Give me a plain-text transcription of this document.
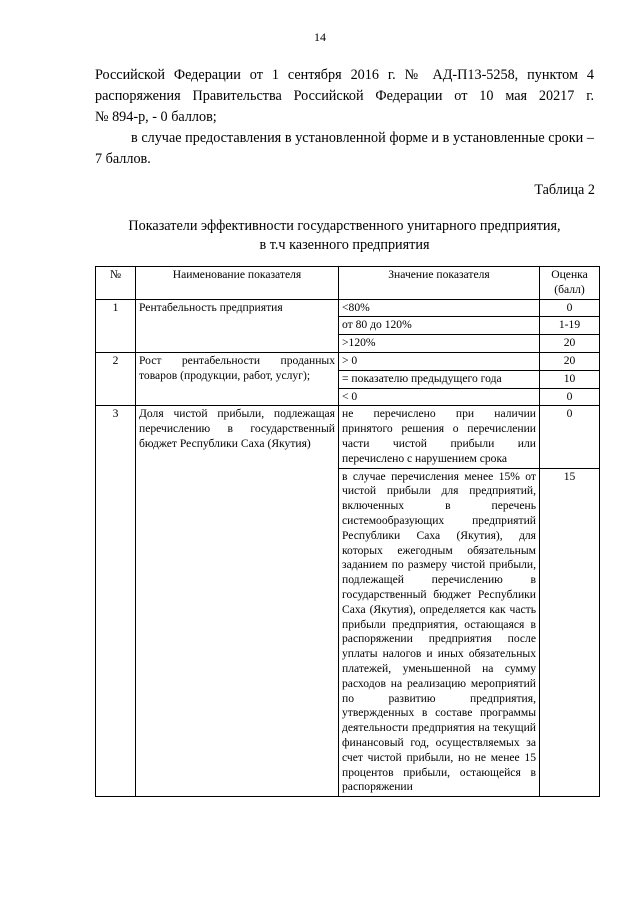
14

Российской Федерации от 1 сентября 2016 г. № АД-П13-5258, пунктом 4

распоряжения Правительства Российской Федерации от 10 мая 20217 г.

№ 894-р, - 0 баллов;

в случае предоставления в установленной форме и в установленные сроки – 7 баллов.

Таблица 2
Показатели эффективности государственного унитарного предприятия,
в т.ч казенного предприятия
№	Наименование показателя	Значение показателя	Оценка (балл)
1	Рентабельность предприятия	<80%	0
		от 80 до 120%	1-19
		>120%	20
2	Рост рентабельности проданных товаров (продукции, работ, услуг);	> 0	20
		= показателю предыдущего года	10
		< 0	0
3	Доля чистой прибыли, подлежащая перечислению в государственный бюджет Республики Саха (Якутия)	не перечислено при наличии принятого решения о перечислении части чистой прибыли или перечислено с нарушением срока	0
		в случае перечисления менее 15% от чистой прибыли для предприятий, включенных в перечень системообразующих предприятий Республики Саха (Якутия), для которых ежегодным обязательным заданием по размеру чистой прибыли, подлежащей перечислению в государственный бюджет Республики Саха (Якутия), определяется как часть прибыли предприятия, остающаяся в распоряжении предприятия после уплаты налогов и иных обязательных платежей, уменьшенной на сумму расходов на реализацию мероприятий по развитию предприятия, утвержденных в составе программы деятельности предприятия на текущий финансовый год, осуществляемых за счет чистой прибыли, но не менее 15 процентов прибыли, остающейся в распоряжении	15
